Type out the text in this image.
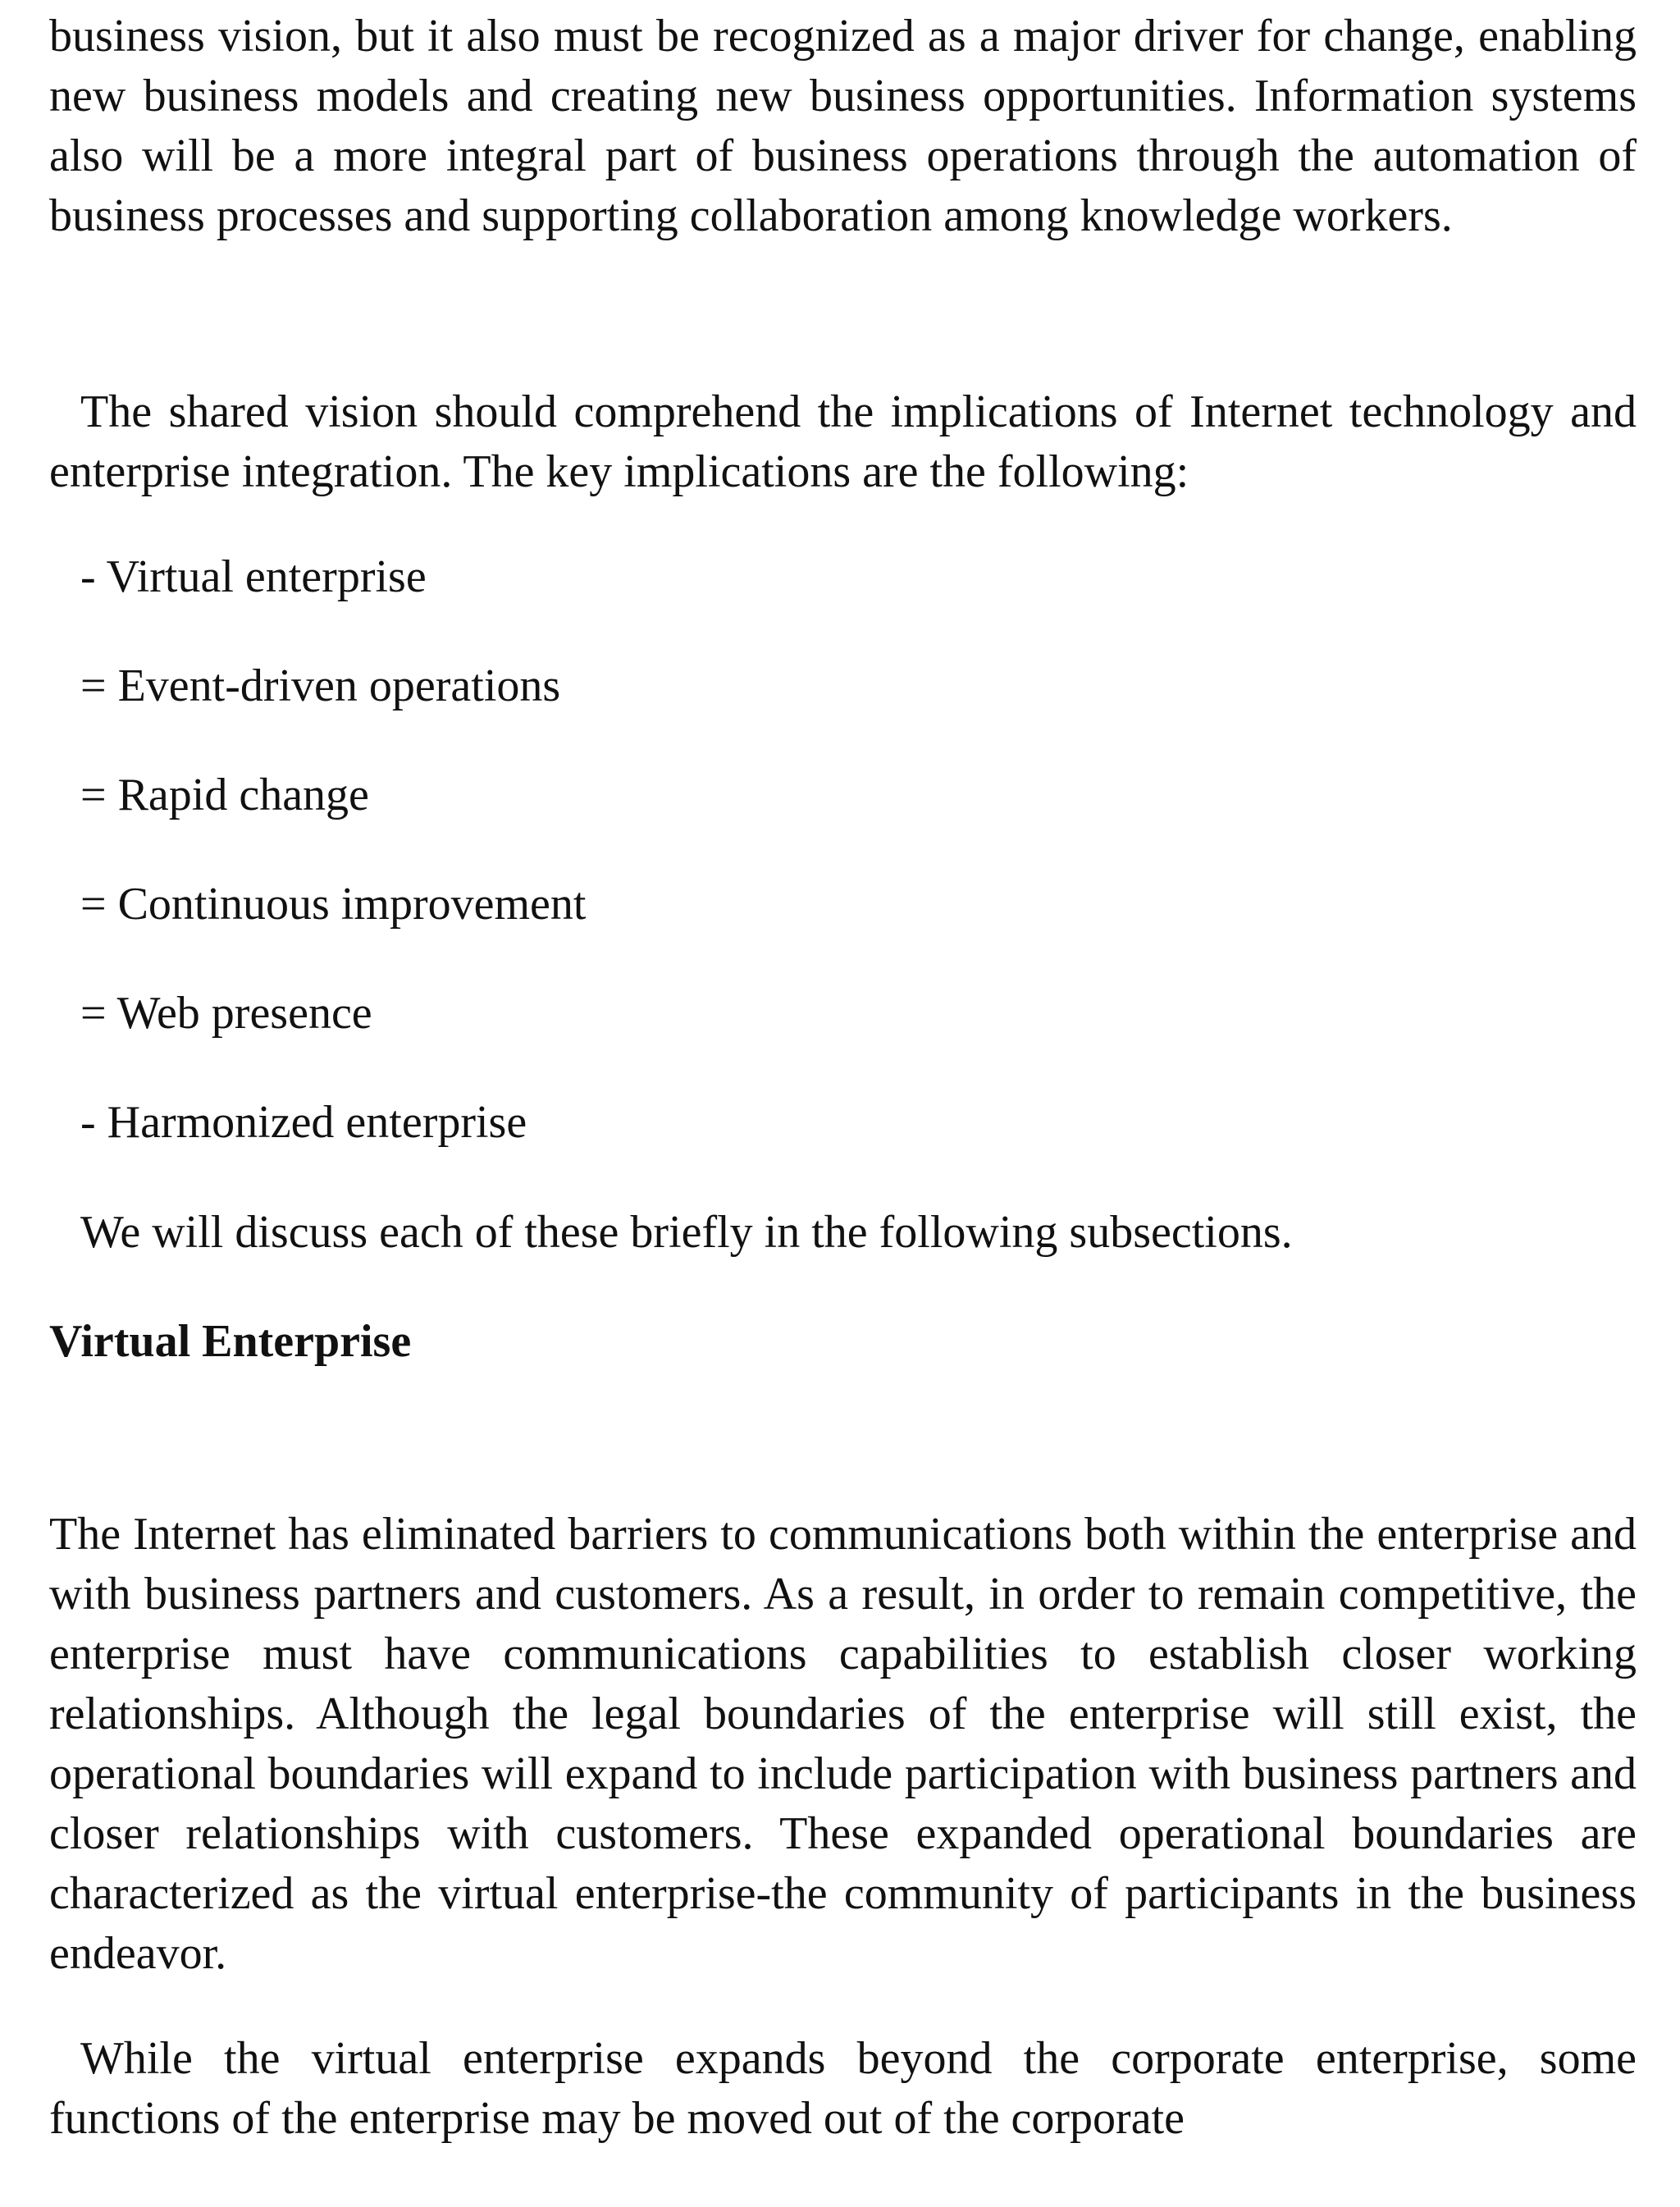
business vision, but it also must be recognized as a major driver for change, enabling new business models and creating new business opportunities. Information systems also will be a more integral part of business operations through the automation of business processes and supporting collaboration among knowledge workers.

The shared vision should comprehend the implications of Internet technology and enterprise integration. The key implications are the following:

- Virtual enterprise

= Event-driven operations

= Rapid change

= Continuous improvement

= Web presence

- Harmonized enterprise

We will discuss each of these briefly in the following subsections.

Virtual Enterprise

The Internet has eliminated barriers to communications both within the enterprise and with business partners and customers. As a result, in order to remain competitive, the enterprise must have communications capabilities to establish closer working relationships. Although the legal boundaries of the enterprise will still exist, the operational boundaries will expand to include participation with business partners and closer relationships with customers. These expanded operational boundaries are characterized as the virtual enterprise-the community of participants in the business endeavor.

While the virtual enterprise expands beyond the corporate enterprise, some functions of the enterprise may be moved out of the corporate
